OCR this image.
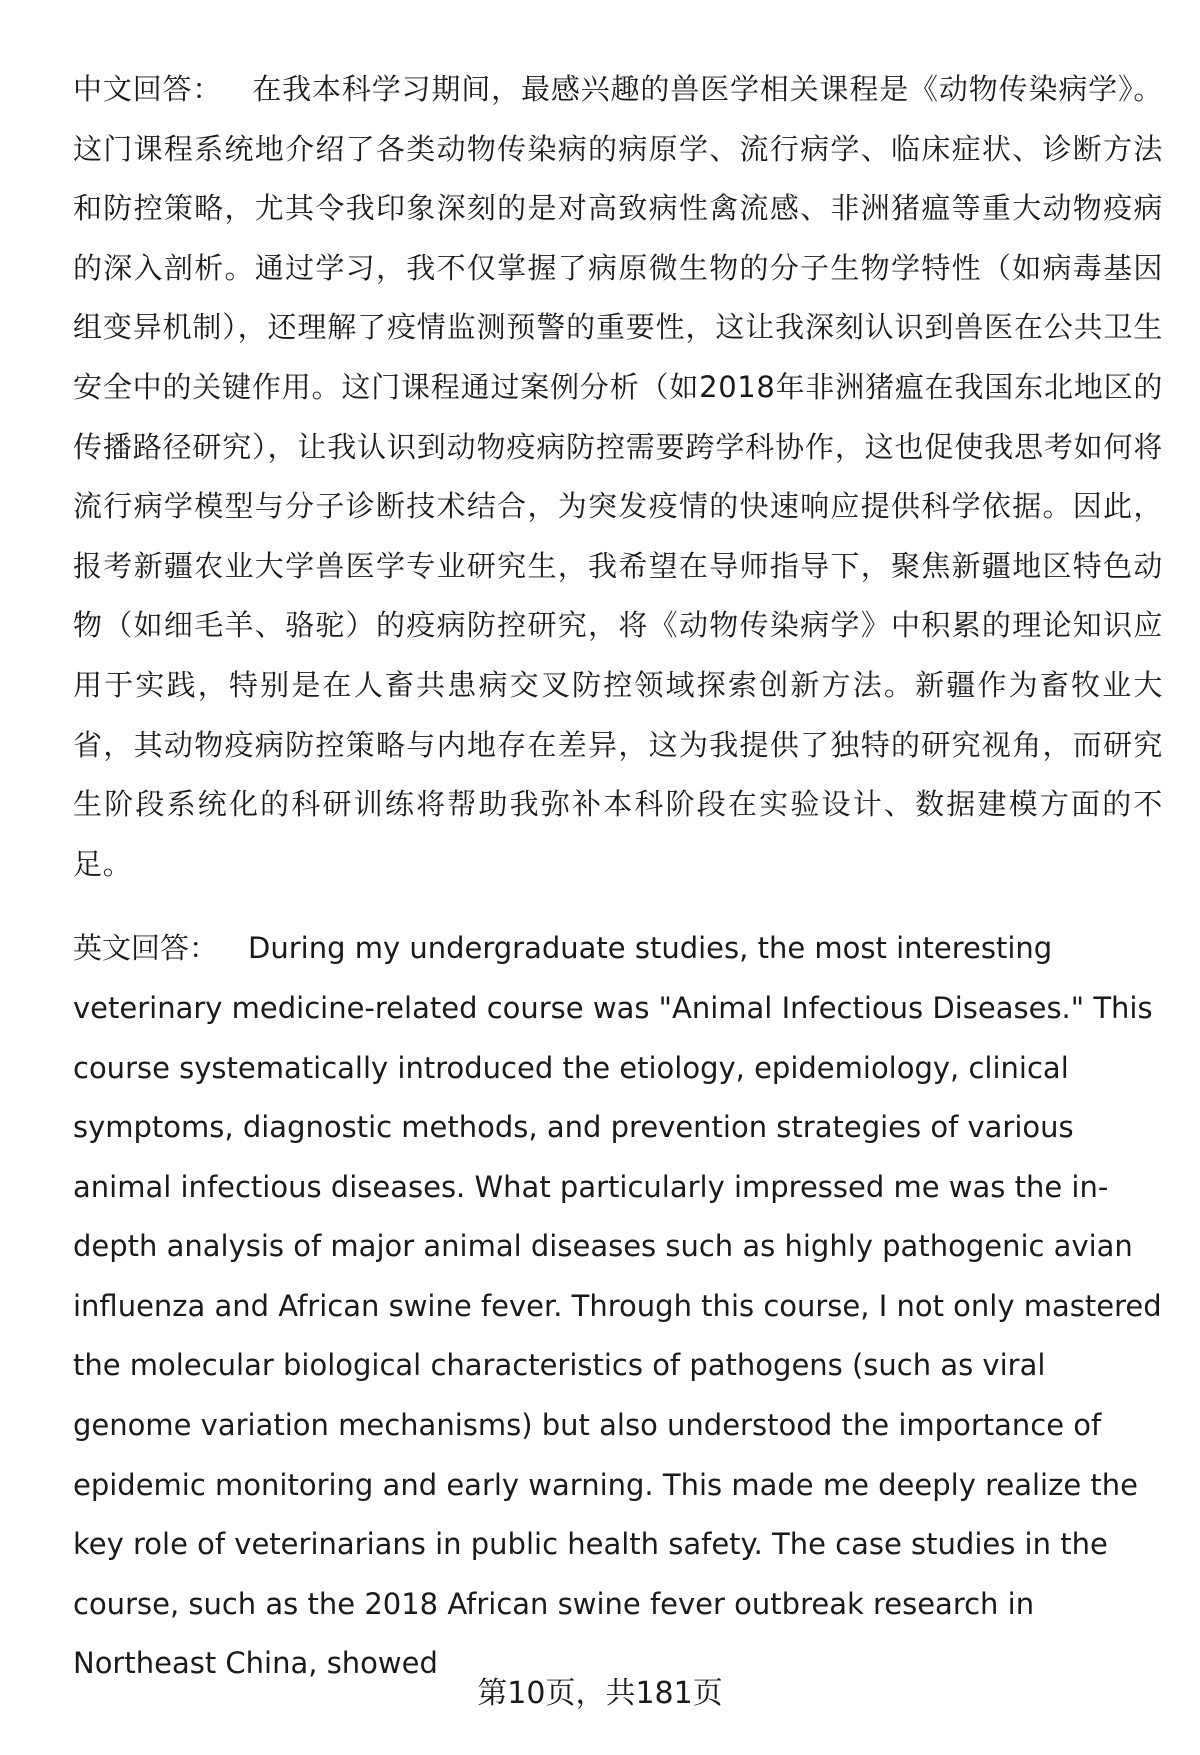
中文回答： 在我本科学习期间，最感兴趣的兽医学相关课程是《动物传染病学》。这门课程系统地介绍了各类动物传染病的病原学、流行病学、临床症状、诊断方法和防控策略，尤其令我印象深刻的是对高致病性禽流感、非洲猪瘟等重大动物疫病的深入剖析。通过学习，我不仅掌握了病原微生物的分子生物学特性（如病毒基因组变异机制），还理解了疫情监测预警的重要性，这让我深刻认识到兽医在公共卫生安全中的关键作用。这门课程通过案例分析（如2018年非洲猪瘟在我国东北地区的传播路径研究），让我认识到动物疫病防控需要跨学科协作，这也促使我思考如何将流行病学模型与分子诊断技术结合，为突发疫情的快速响应提供科学依据。因此，报考新疆农业大学兽医学专业研究生，我希望在导师指导下，聚焦新疆地区特色动物（如细毛羊、骆驼）的疫病防控研究，将《动物传染病学》中积累的理论知识应用于实践，特别是在人畜共患病交叉防控领域探索创新方法。新疆作为畜牧业大省，其动物疫病防控策略与内地存在差异，这为我提供了独特的研究视角，而研究生阶段系统化的科研训练将帮助我弥补本科阶段在实验设计、数据建模方面的不足。

英文回答： During my undergraduate studies, the most interesting veterinary medicine-related course was "Animal Infectious Diseases." This course systematically introduced the etiology, epidemiology, clinical symptoms, diagnostic methods, and prevention strategies of various animal infectious diseases. What particularly impressed me was the in-depth analysis of major animal diseases such as highly pathogenic avian influenza and African swine fever. Through this course, I not only mastered the molecular biological characteristics of pathogens (such as viral genome variation mechanisms) but also understood the importance of epidemic monitoring and early warning. This made me deeply realize the key role of veterinarians in public health safety. The case studies in the course, such as the 2018 African swine fever outbreak research in Northeast China, showed

第10页，共181页
